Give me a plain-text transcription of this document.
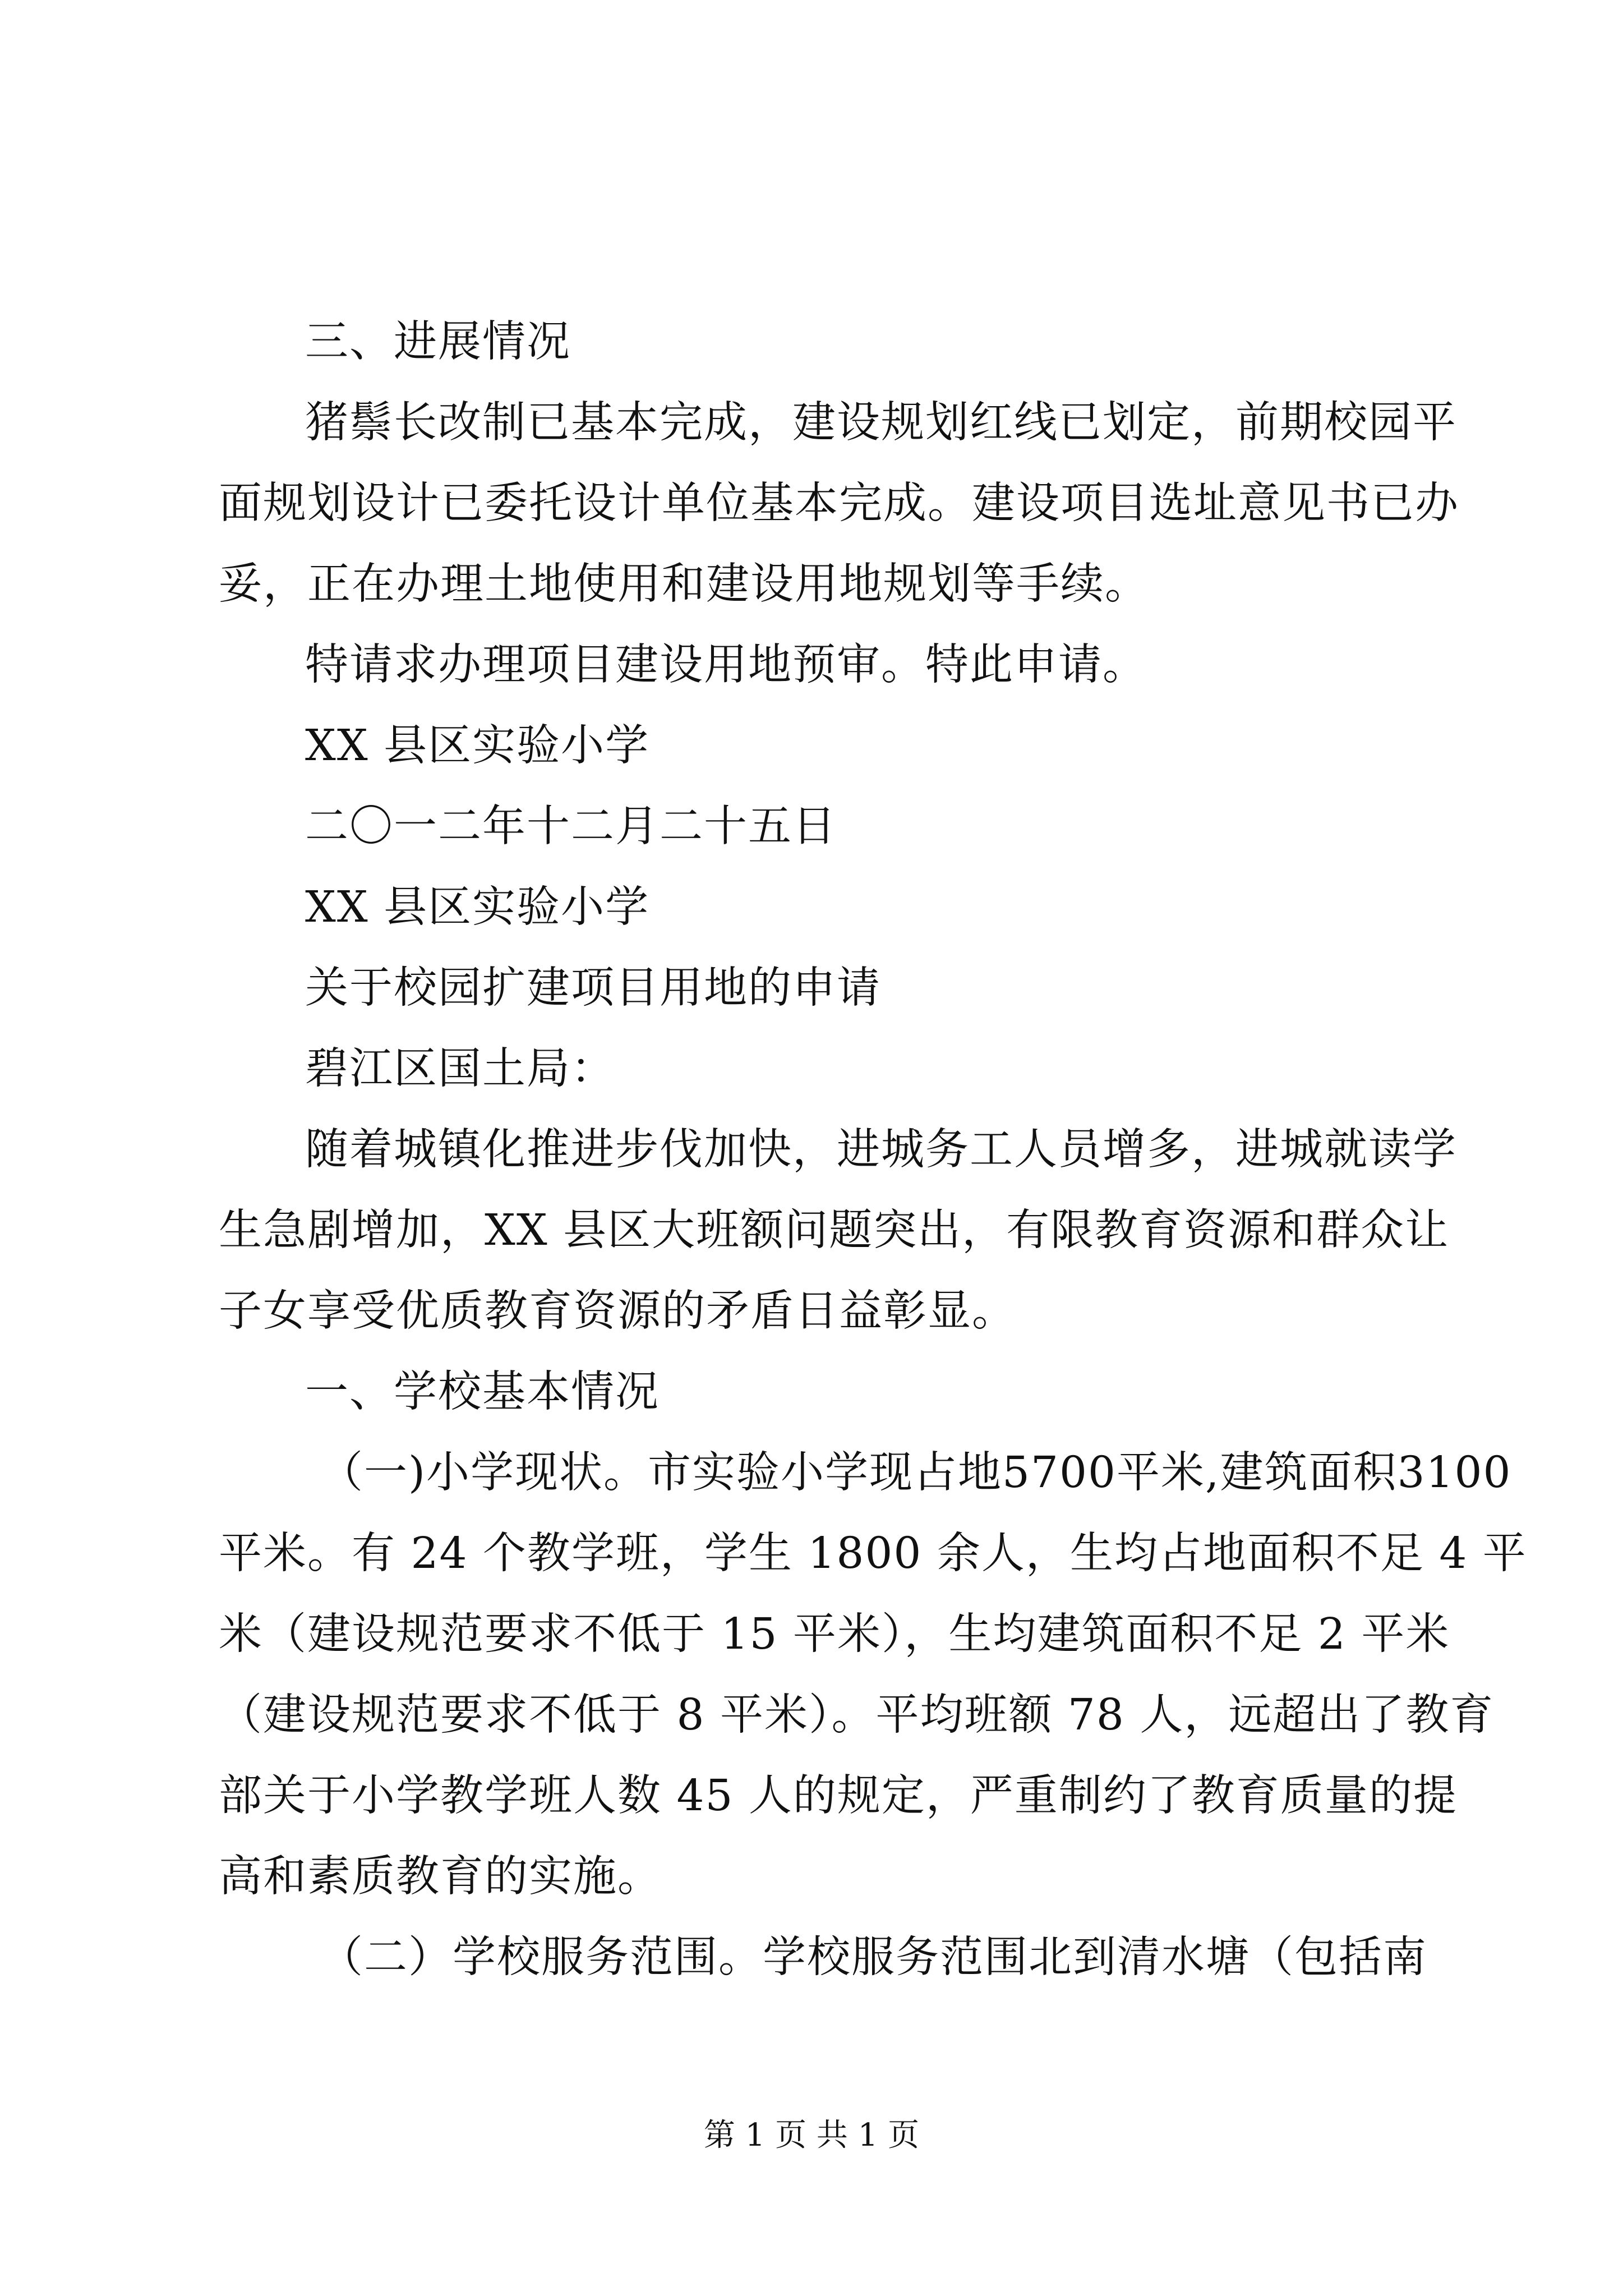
三、进展情况
猪鬃长改制已基本完成，建设规划红线已划定，前期校园平
面规划设计已委托设计单位基本完成。建设项目选址意见书已办
妥，正在办理土地使用和建设用地规划等手续。
特请求办理项目建设用地预审。特此申请。
XX 县区实验小学
二〇一二年十二月二十五日
XX 县区实验小学
关于校园扩建项目用地的申请
碧江区国土局：
随着城镇化推进步伐加快，进城务工人员增多，进城就读学
生急剧增加，XX 县区大班额问题突出，有限教育资源和群众让
子女享受优质教育资源的矛盾日益彰显。
一、学校基本情况
（一)小学现状。市实验小学现占地5700平米,建筑面积3100
平米。有 24 个教学班，学生 1800 余人，生均占地面积不足 4 平
米（建设规范要求不低于 15 平米），生均建筑面积不足 2 平米
（建设规范要求不低于 8 平米）。平均班额 78 人，远超出了教育
部关于小学教学班人数 45 人的规定，严重制约了教育质量的提
高和素质教育的实施。
（二）学校服务范围。学校服务范围北到清水塘（包括南
第 1 页 共 1 页
